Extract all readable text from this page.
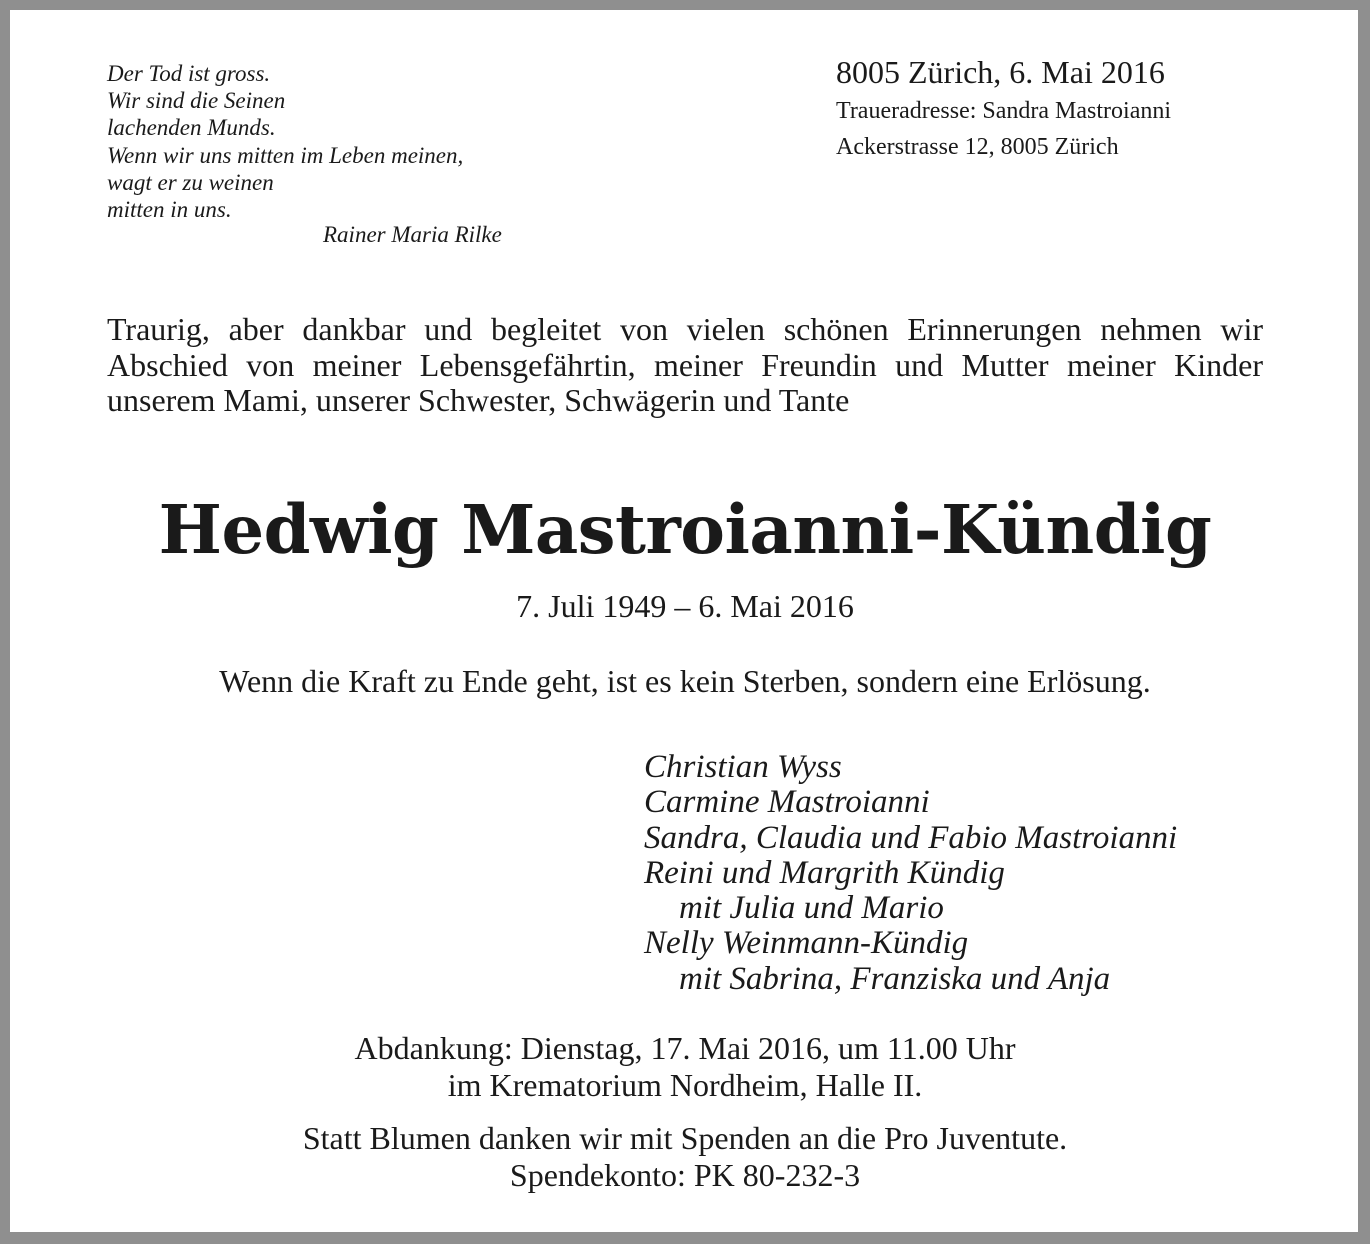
Der Tod ist gross.
Wir sind die Seinen
lachenden Munds.
Wenn wir uns mitten im Leben meinen,
wagt er zu weinen
mitten in uns.
Rainer Maria Rilke
8005 Zürich, 6. Mai 2016
Traueradresse: Sandra Mastroianni
Ackerstrasse 12, 8005 Zürich
Traurig, aber dankbar und begleitet von vielen schönen Erinnerungen nehmen wir Abschied von meiner Lebensgefährtin, meiner Freundin und Mutter meiner Kinder unserem Mami, unserer Schwester, Schwägerin und Tante
Hedwig Mastroianni-Kündig
7. Juli 1949 – 6. Mai 2016
Wenn die Kraft zu Ende geht, ist es kein Sterben, sondern eine Erlösung.
Christian Wyss
Carmine Mastroianni
Sandra, Claudia und Fabio Mastroianni
Reini und Margrith Kündig
mit Julia und Mario
Nelly Weinmann-Kündig
mit Sabrina, Franziska und Anja
Abdankung: Dienstag, 17. Mai 2016, um 11.00 Uhr
im Krematorium Nordheim, Halle II.
Statt Blumen danken wir mit Spenden an die Pro Juventute.
Spendekonto: PK 80-232-3
